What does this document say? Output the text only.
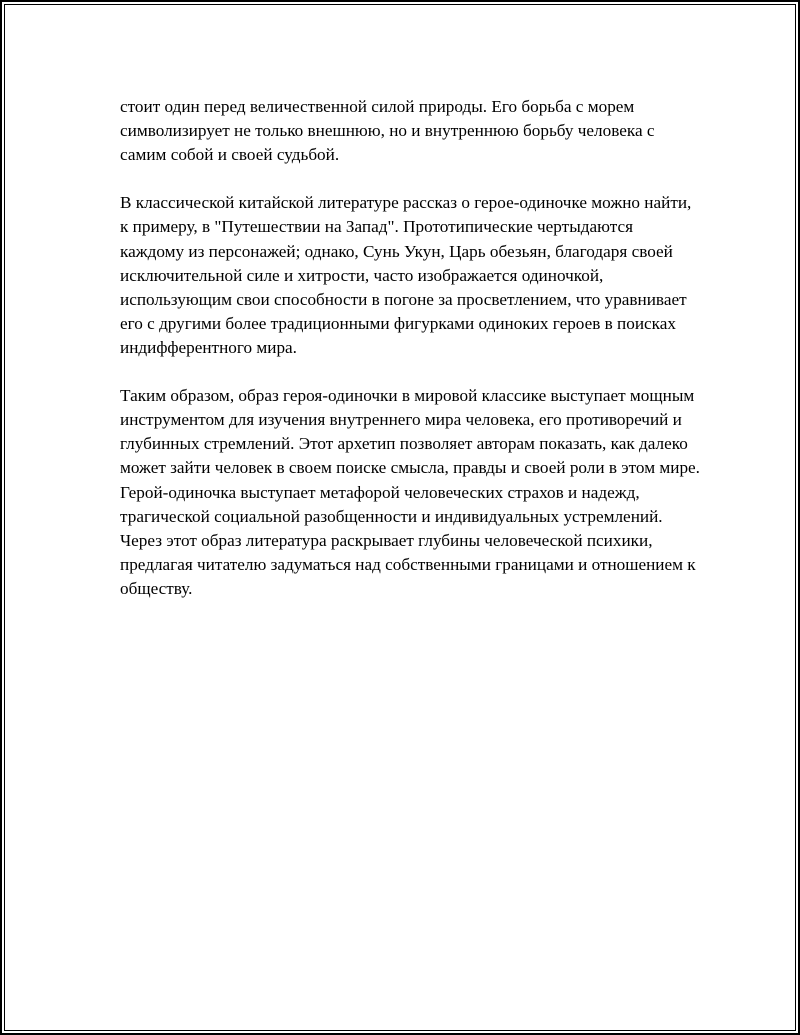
стоит один перед величественной силой природы. Его борьба с морем символизирует не только внешнюю, но и внутреннюю борьбу человека с самим собой и своей судьбой.

В классической китайской литературе рассказ о герое-одиночке можно найти, к примеру, в "Путешествии на Запад". Прототипические чертыдаются каждому из персонажей; однако, Сунь Укун, Царь обезьян, благодаря своей исключительной силе и хитрости, часто изображается одиночкой, использующим свои способности в погоне за просветлением, что уравнивает его с другими более традиционными фигурками одиноких героев в поисках индифферентного мира.

Таким образом, образ героя-одиночки в мировой классике выступает мощным инструментом для изучения внутреннего мира человека, его противоречий и глубинных стремлений. Этот архетип позволяет авторам показать, как далеко может зайти человек в своем поиске смысла, правды и своей роли в этом мире. Герой-одиночка выступает метафорой человеческих страхов и надежд, трагической социальной разобщенности и индивидуальных устремлений. Через этот образ литература раскрывает глубины человеческой психики, предлагая читателю задуматься над собственными границами и отношением к обществу.
